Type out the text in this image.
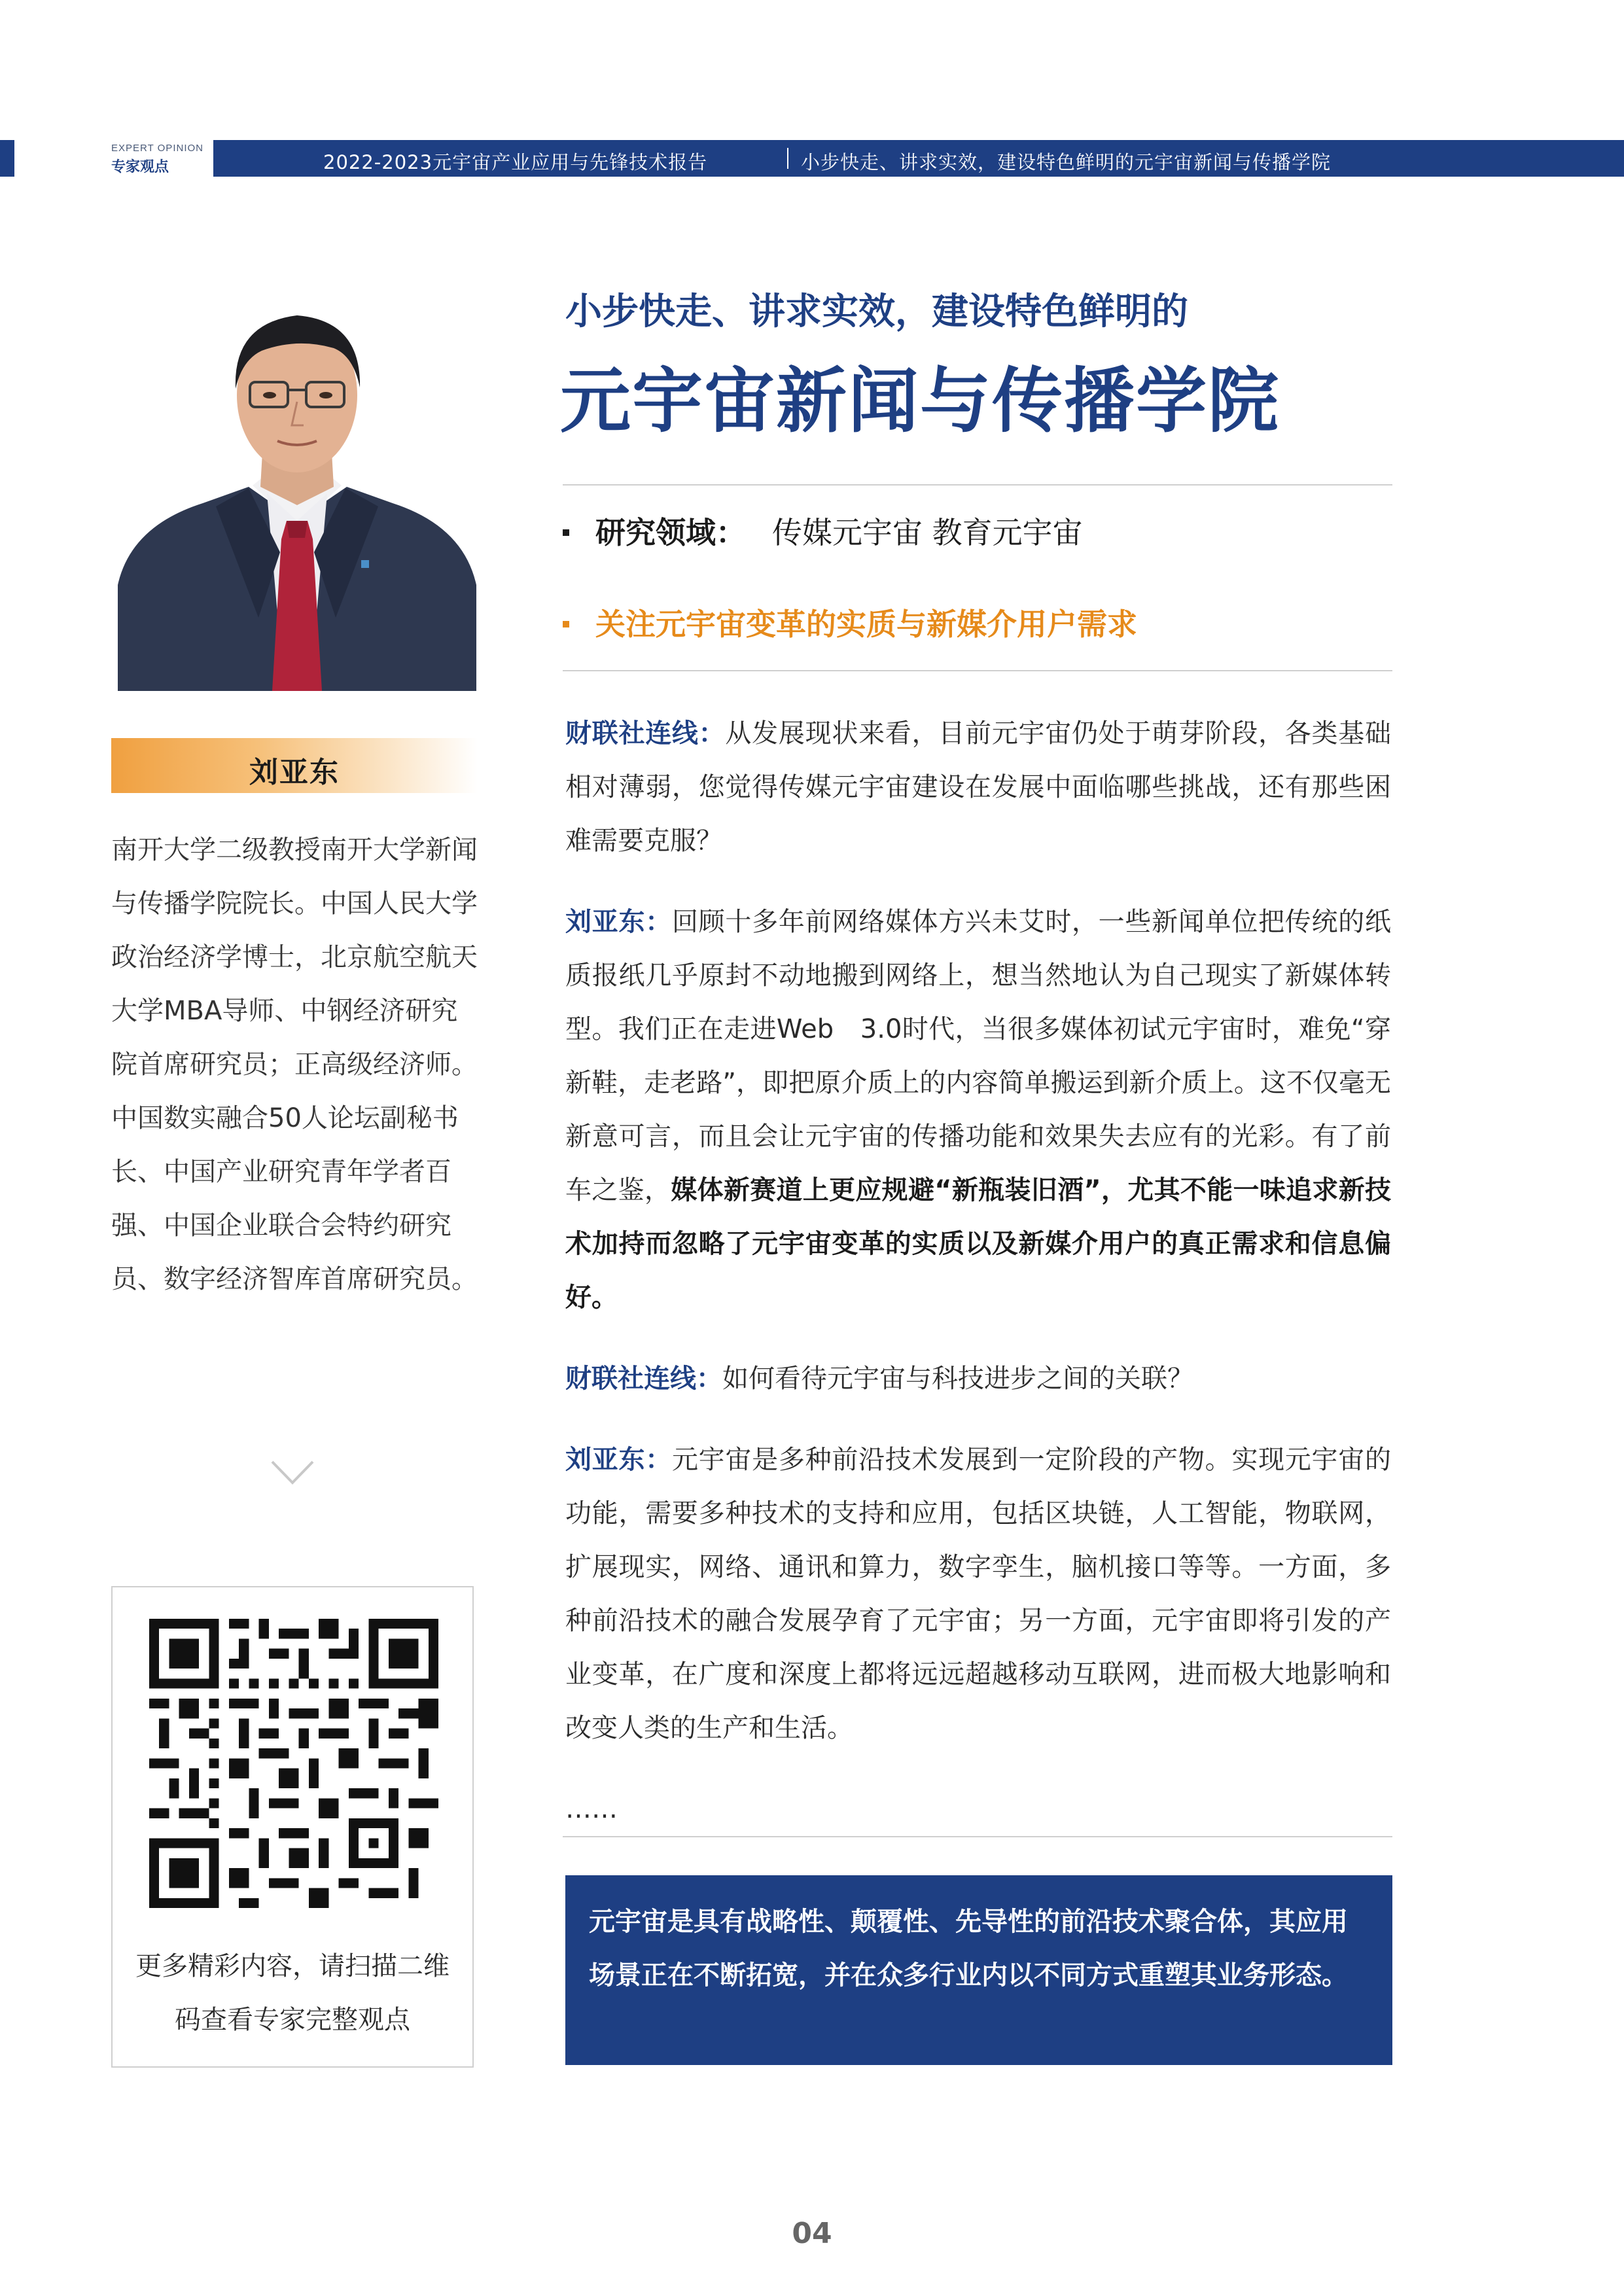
EXPERT OPINION
专家观点	2022-2023元宇宙产业应用与先锋技术报告	小步快走、讲求实效，建设特色鲜明的元宇宙新闻与传播学院
刘亚东
南开大学二级教授南开大学新闻与传播学院院长。中国人民大学政治经济学博士，北京航空航天大学MBA导师、中钢经济研究院首席研究员；正高级经济师。中国数实融合50人论坛副秘书长、中国产业研究青年学者百强、中国企业联合会特约研究员、数字经济智库首席研究员。
更多精彩内容，请扫描二维码查看专家完整观点
小步快走、讲求实效，建设特色鲜明的
元宇宙新闻与传播学院
研究领域： 传媒元宇宙 教育元宇宙
关注元宇宙变革的实质与新媒介用户需求

财联社连线：从发展现状来看，目前元宇宙仍处于萌芽阶段，各类基础相对薄弱，您觉得传媒元宇宙建设在发展中面临哪些挑战，还有那些困难需要克服？

刘亚东：回顾十多年前网络媒体方兴未艾时，一些新闻单位把传统的纸质报纸几乎原封不动地搬到网络上，想当然地认为自己现实了新媒体转型。我们正在走进Web　3.0时代，当很多媒体初试元宇宙时，难免“穿新鞋，走老路”，即把原介质上的内容简单搬运到新介质上。这不仅毫无新意可言，而且会让元宇宙的传播功能和效果失去应有的光彩。有了前车之鉴，媒体新赛道上更应规避“新瓶装旧酒”，尤其不能一味追求新技术加持而忽略了元宇宙变革的实质以及新媒介用户的真正需求和信息偏好。

财联社连线：如何看待元宇宙与科技进步之间的关联？

刘亚东：元宇宙是多种前沿技术发展到一定阶段的产物。实现元宇宙的功能，需要多种技术的支持和应用，包括区块链，人工智能，物联网，扩展现实，网络、通讯和算力，数字孪生，脑机接口等等。一方面，多种前沿技术的融合发展孕育了元宇宙；另一方面，元宇宙即将引发的产业变革，在广度和深度上都将远远超越移动互联网，进而极大地影响和改变人类的生产和生活。

……

元宇宙是具有战略性、颠覆性、先导性的前沿技术聚合体，其应用场景正在不断拓宽，并在众多行业内以不同方式重塑其业务形态。
04
